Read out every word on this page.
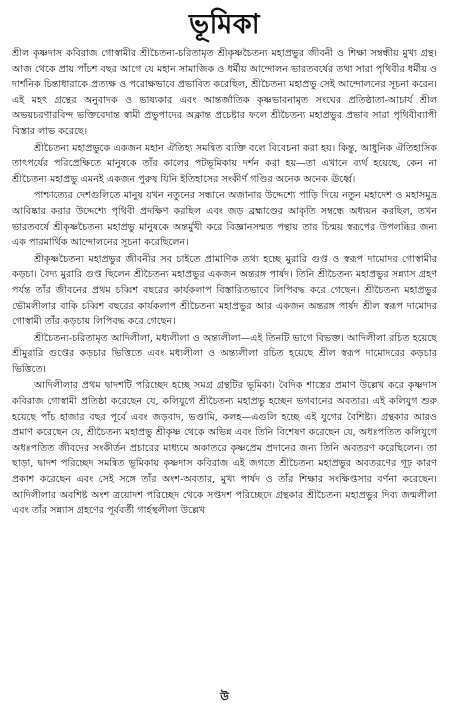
ভূমিকা

শ্রীল কৃষ্ণদাস কবিরাজ গোস্বামীর শ্রীচৈতন্য-চরিতামৃত শ্রীকৃষ্ণচৈতন্য মহাপ্রভুর জীবনী ও শিক্ষা সম্বন্ধীয় মুখ্য গ্রন্থ। আজ থেকে প্রায় পাঁচশ বছর আগে যে মহান সামাজিক ও ধর্মীয় আন্দোলন ভারতবর্ষের তথা সারা পৃথিবীর ধর্মীয় ও দার্শনিক চিন্তাধারাকে প্রত্যক্ষ ও পরোক্ষভাবে প্রভাবিত করেছিল, শ্রীচৈতন্য মহাপ্রভু সেই আন্দোলনের সূচনা করেন। এই মহৎ গ্রন্থের অনুবাদক ও ভাষ্যকার এবং আন্তর্জাতিক কৃষ্ণভাবনামৃত সংঘের প্রতিষ্ঠাতা-আচার্য শ্রীল অভয়চরণারবিন্দ ভক্তিবেদান্ত স্বামী প্রভুপাদের অক্লান্ত প্রচেষ্টার ফলে শ্রীচৈতন্য মহাপ্রভুর প্রভাব সারা পৃথিবীব্যাপী বিস্তার লাভ করেছে।

শ্রীচৈতন্য মহাপ্রভুকে একজন মহান ঐতিহ্য সমন্বিত ব্যক্তি বলে বিবেচনা করা হয়। কিন্তু, আধুনিক ঐতিহাসিক তাৎপর্যের পরিপ্রেক্ষিতে মানুষকে তাঁর কালের পটভূমিকায় দর্শন করা হয়—তা এখানে ব্যর্থ হয়েছে, কেন না শ্রীচৈতন্য মহাপ্রভু এমনই একজন পুরুষ যিনি ইতিহাসের সংকীর্ণ গণ্ডির অনেক অনেক ঊর্ধ্বে।

পাশ্চাত্যের দেশগুলিতে মানুষ যখন নতুনের সন্ধানে অজানার উদ্দেশ্যে পাড়ি দিয়ে নতুন মহাদেশ ও মহাসমুদ্র আবিষ্কার করার উদ্দেশ্যে পৃথিবী প্রদক্ষিণ করছিল এবং জড় ব্রহ্মাণ্ডের আকৃতি সম্বন্ধে অধ্যয়ন করছিল, তখন ভারতবর্ষে শ্রীকৃষ্ণচৈতন্য মহাপ্রভু মানুষকে অন্তর্মুখী করে বিজ্ঞানসম্মত পন্থায় তার চিন্ময় স্বরূপের উপলব্ধির জন্য এক পারমার্থিক আন্দোলনের সূচনা করেছিলেন।

শ্রীকৃষ্ণচৈতন্য মহাপ্রভুর জীবনীর সব চাইতে প্রামাণিক তথ্য হচ্ছে মুরারি গুপ্ত ও স্বরূপ দামোদর গোস্বামীর কড়চা। বৈদ্য মুরারি গুপ্ত ছিলেন শ্রীচৈতন্য মহাপ্রভুর একজন অন্তরঙ্গ পার্ষদ। তিনি শ্রীচৈতন্য মহাপ্রভুর সন্ন্যাস গ্রহণ পর্যন্ত তাঁর জীবনের প্রথম চব্বিশ বছরের কার্যকলাপ বিস্তারিতভাবে লিপিবদ্ধ করে গেছেন। শ্রীচৈতন্য মহাপ্রভুর ভৌমলীলার বাকি চব্বিশ বছরের কার্যকলাপ শ্রীচৈতন্য মহাপ্রভুর আর একজন অন্তরঙ্গ পার্ষদ শ্রীল স্বরূপ দামোদর গোস্বামী তাঁর কড়চায় লিপিবদ্ধ করে গেছেন।

শ্রীচৈতন্য-চরিতামৃত আদিলীলা, মধ্যলীলা ও অন্ত্যলীলা—এই তিনটি ভাগে বিভক্ত। আদিলীলা রচিত হয়েছে শ্রীমুরারি গুপ্তের কড়চার ভিত্তিতে এবং মধ্যলীলা ও অন্ত্যলীলা রচিত হয়েছে শ্রীল স্বরূপ দামোদরের কড়চার ভিত্তিতে।

আদিলীলার প্রথম দ্বাদশটি পরিচ্ছেদ হচ্ছে সমগ্র গ্রন্থটির ভূমিকা। বৈদিক শাস্ত্রের প্রমাণ উল্লেখ করে কৃষ্ণদাস কবিরাজ গোস্বামী প্রতিষ্ঠা করেছেন যে, কলিযুগে শ্রীচৈতন্য মহাপ্রভু হচ্ছেন ভগবানের অবতার। এই কলিযুগ শুরু হয়েছে পাঁচ হাজার বছর পূর্বে এবং জড়বাদ, ভণ্ডামি, কলহ—এগুলি হচ্ছে এই যুগের বৈশিষ্ট্য। গ্রন্থকার আরও প্রমাণ করেছেন যে, শ্রীচৈতন্য মহাপ্রভু শ্রীকৃষ্ণ থেকে অভিন্ন এবং তিনি বিশেষণ করেছেন যে, অধঃপতিত কলিযুগে অধঃপতিত জীবদের সংকীর্তন প্রচারের মাধ্যমে অকাতরে কৃষ্ণপ্রেম প্রদানের জন্য তিনি অবতরণ করেছিলেন। তা ছাড়া, দ্বাদশ পরিচ্ছেদ সমন্বিত ভূমিকায় কৃষ্ণদাস কবিরাজ এই জগতে শ্রীচৈতন্য মহাপ্রভুর অবতরণের গূঢ় কারণ প্রকাশ করেছেন এবং সেই সঙ্গে তাঁর অংশ-অবতার, মুখ্য পার্ষদ ও তাঁর শিক্ষার সংক্ষিপ্তসার বর্ণনা করেছেন। আদিলীলার অবশিষ্ট অংশ ত্রয়োদশ পরিচ্ছেদ থেকে সপ্তদশ পরিচ্ছেদে গ্রন্থকার শ্রীচৈতন্য মহাপ্রভুর দিব্য জন্মলীলা এবং তাঁর সন্ন্যাস গ্রহণের পূর্ববর্তী গার্হস্থলীলা উল্লেখ

উ
